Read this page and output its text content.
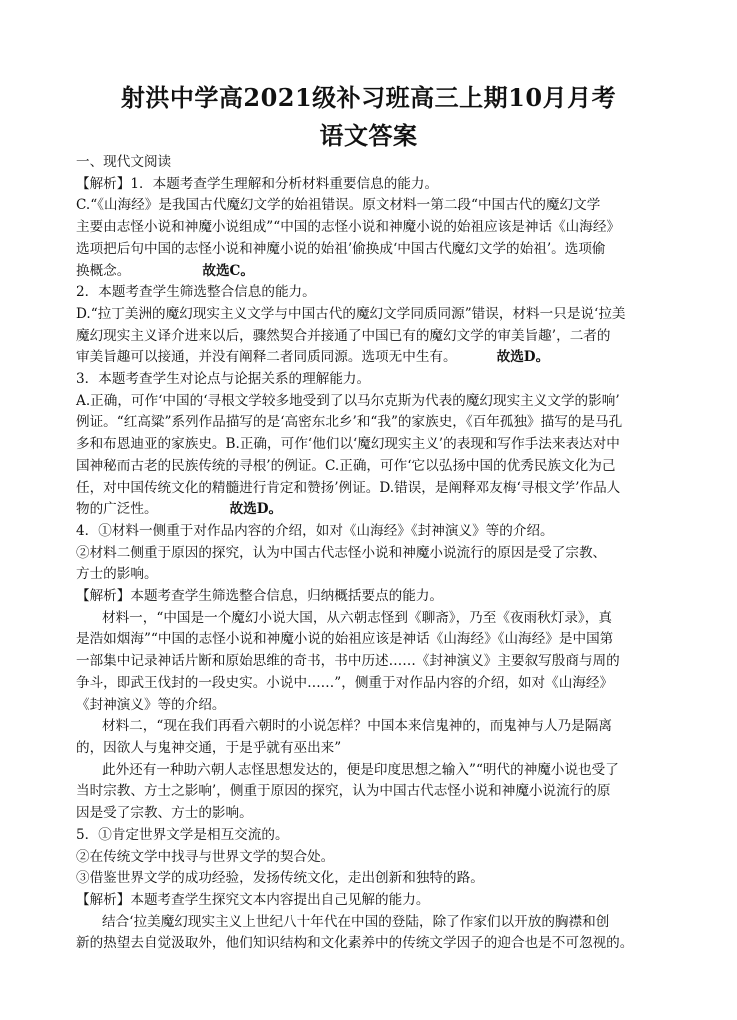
射洪中学高2021级补习班高三上期10月月考
语文答案

一、现代文阅读

【解析】1．本题考查学生理解和分析材料重要信息的能力。

C.“《山海经》是我国古代魔幻文学的始祖错误。原文材料一第二段“中国古代的魔幻文学

主要由志怪小说和神魔小说组成”“中国的志怪小说和神魔小说的始祖应该是神话《山海经》

选项把后句中国的志怪小说和神魔小说的始祖’偷换成‘中国古代魔幻文学的始祖’。选项偷

换概念。	故选C。

2．本题考查学生筛选整合信息的能力。

D.“拉丁美洲的魔幻现实主义文学与中国古代的魔幻文学同质同源”错误，材料一只是说‘拉美

魔幻现实主义译介进来以后，骤然契合并接通了中国已有的魔幻文学的审美旨趣’，二者的

审美旨趣可以接通，并没有阐释二者同质同源。选项无中生有。	故选D。

3．本题考查学生对论点与论据关系的理解能力。

A.正确，可作‘中国的‘寻根文学较多地受到了以马尔克斯为代表的魔幻现实主义文学的影响’

例证。“红高粱”系列作品描写的是‘高密东北乡’和“我”的家族史，《百年孤独》描写的是马孔

多和布恩迪亚的家族史。B.正确，可作‘他们以‘魔幻现实主义’的表现和写作手法来表达对中

国神秘而古老的民族传统的寻根’的例证。C.正确，可作‘它以弘扬中国的优秀民族文化为己

任，对中国传统文化的精髓进行肯定和赞扬’例证。D.错误，是阐释邓友梅‘寻根文学’作品人

物的广泛性。	故选D。

4．①材料一侧重于对作品内容的介绍，如对《山海经》《封神演义》等的介绍。

②材料二侧重于原因的探究，认为中国古代志怪小说和神魔小说流行的原因是受了宗教、

方士的影响。

【解析】本题考查学生筛选整合信息，归纳概括要点的能力。

材料一，“中国是一个魔幻小说大国，从六朝志怪到《聊斋》，乃至《夜雨秋灯录》，真

是浩如烟海”“中国的志怪小说和神魔小说的始祖应该是神话《山海经》《山海经》是中国第

一部集中记录神话片断和原始思维的奇书，书中历述……《封神演义》主要叙写殷商与周的

争斗，即武王伐封的一段史实。小说中……”，侧重于对作品内容的介绍，如对《山海经》

《封神演义》等的介绍。

材料二，“现在我们再看六朝时的小说怎样？中国本来信鬼神的，而鬼神与人乃是隔离

的，因欲人与鬼神交通，于是乎就有巫出来”

此外还有一种助六朝人志怪思想发达的，便是印度思想之输入”“明代的神魔小说也受了

当时宗教、方士之影响’，侧重于原因的探究，认为中国古代志怪小说和神魔小说流行的原

因是受了宗教、方士的影响。

5．①肯定世界文学是相互交流的。

②在传统文学中找寻与世界文学的契合处。

③借鉴世界文学的成功经验，发扬传统文化，走出创新和独特的路。

【解析】本题考查学生探究文本内容提出自己见解的能力。

结合‘拉美魔幻现实主义上世纪八十年代在中国的登陆，除了作家们以开放的胸襟和创

新的热望去自觉汲取外，他们知识结构和文化素养中的传统文学因子的迎合也是不可忽视的。
